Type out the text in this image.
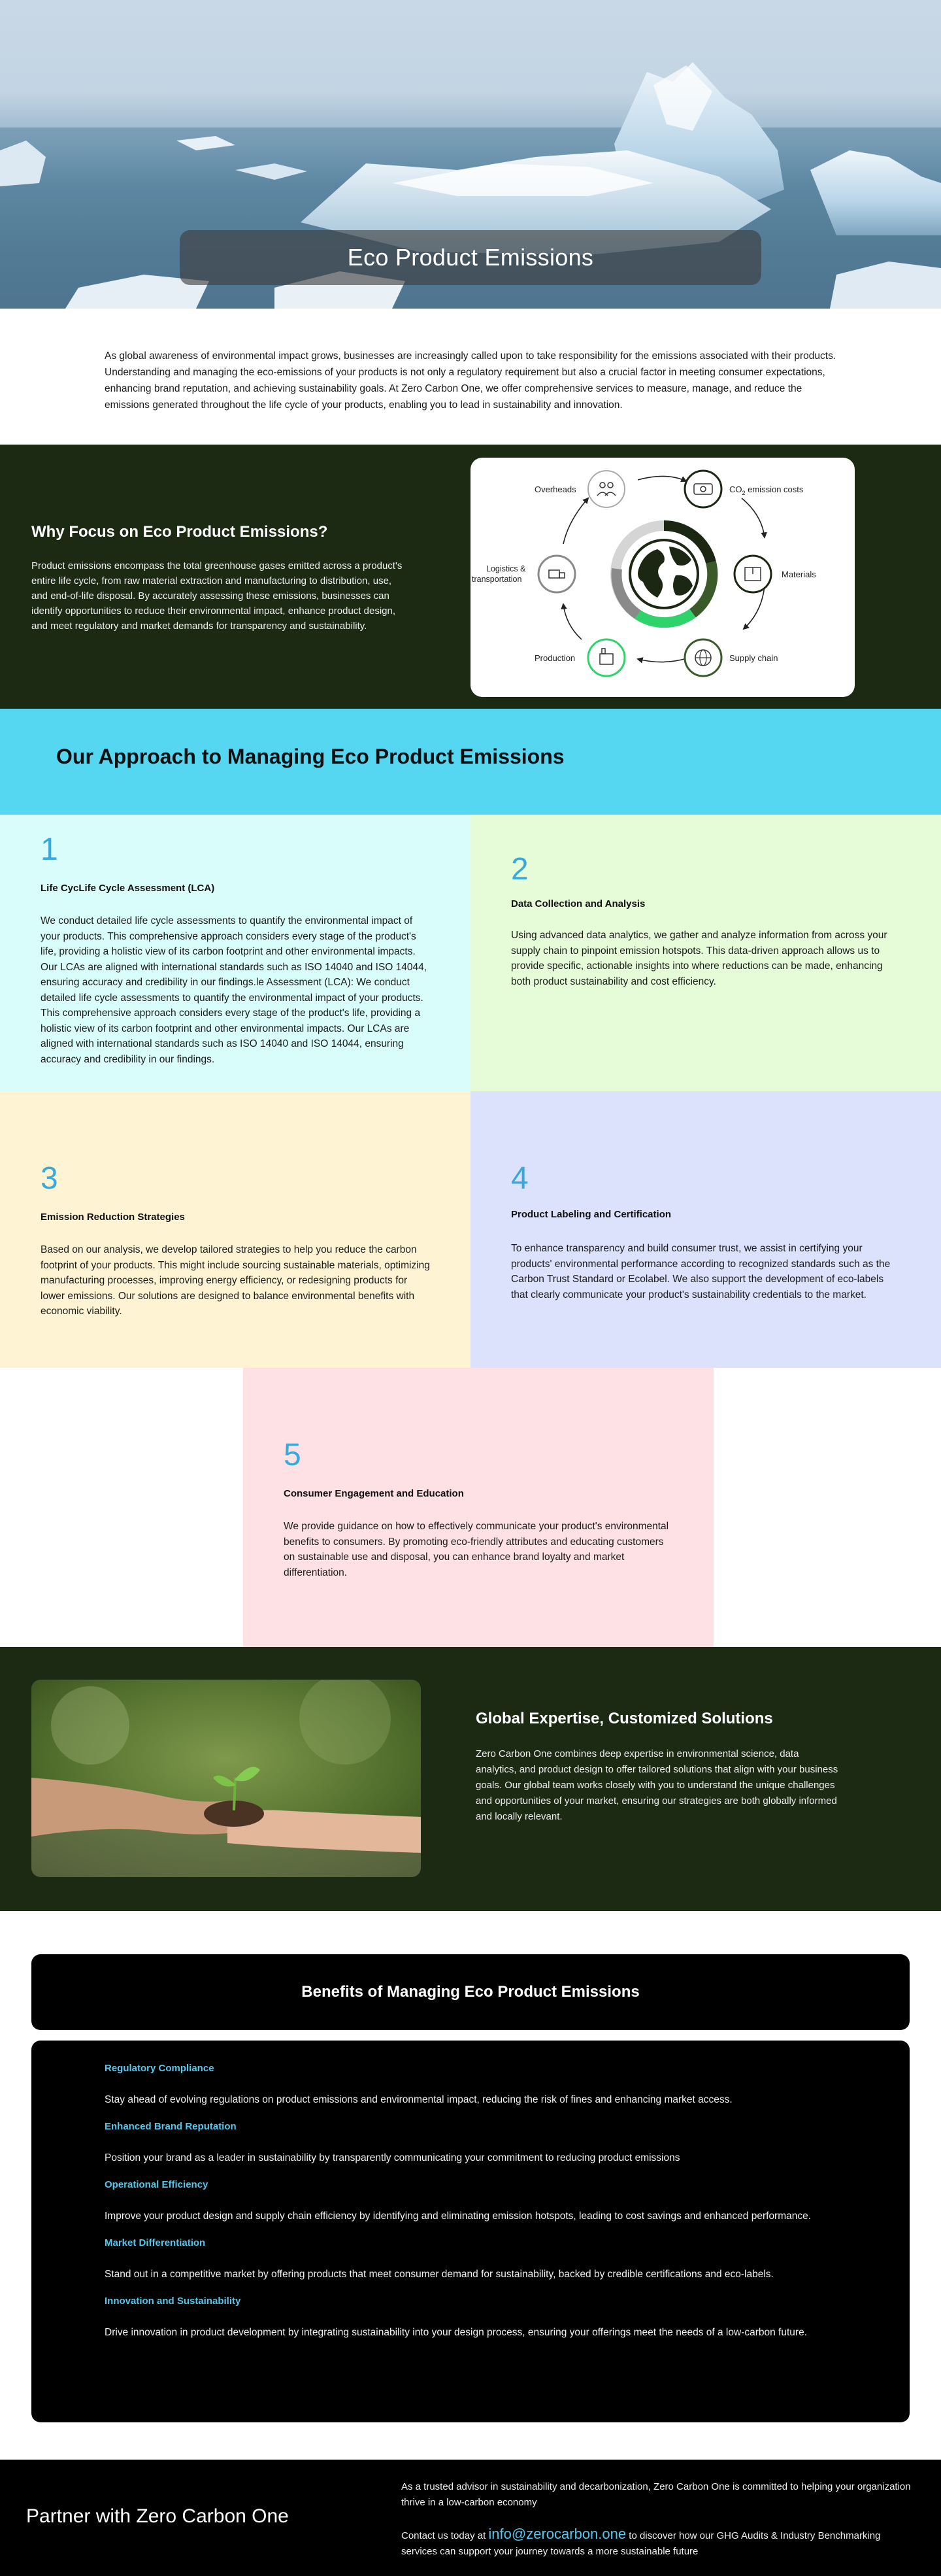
Eco Product Emissions

As global awareness of environmental impact grows, businesses are increasingly called upon to take responsibility for the emissions associated with their products. Understanding and managing the eco-emissions of your products is not only a regulatory requirement but also a crucial factor in meeting consumer expectations, enhancing brand reputation, and achieving sustainability goals. At Zero Carbon One, we offer comprehensive services to measure, manage, and reduce the emissions generated throughout the life cycle of your products, enabling you to lead in sustainability and innovation.

Why Focus on Eco Product Emissions?

Product emissions encompass the total greenhouse gases emitted across a product's entire life cycle, from raw material extraction and manufacturing to distribution, use, and end-of-life disposal. By accurately assessing these emissions, businesses can identify opportunities to reduce their environmental impact, enhance product design, and meet regulatory and market demands for transparency and sustainability.

Overheads	$CO_2$ emission costs
Materials
Supply chain
Production
Logistics &
transportation
Our Approach to Managing Eco Product Emissions
1
Life CycLife Cycle Assessment (LCA)

We conduct detailed life cycle assessments to quantify the environmental impact of your products. This comprehensive approach considers every stage of the product's life, providing a holistic view of its carbon footprint and other environmental impacts. Our LCAs are aligned with international standards such as ISO 14040 and ISO 14044, ensuring accuracy and credibility in our findings.le Assessment (LCA): We conduct detailed life cycle assessments to quantify the environmental impact of your products. This comprehensive approach considers every stage of the product's life, providing a holistic view of its carbon footprint and other environmental impacts. Our LCAs are aligned with international standards such as ISO 14040 and ISO 14044, ensuring accuracy and credibility in our findings.

2
Data Collection and Analysis

Using advanced data analytics, we gather and analyze information from across your supply chain to pinpoint emission hotspots. This data-driven approach allows us to provide specific, actionable insights into where reductions can be made, enhancing both product sustainability and cost efficiency.

3
Emission Reduction Strategies

Based on our analysis, we develop tailored strategies to help you reduce the carbon footprint of your products. This might include sourcing sustainable materials, optimizing manufacturing processes, improving energy efficiency, or redesigning products for lower emissions. Our solutions are designed to balance environmental benefits with economic viability.

4
Product Labeling and Certification

To enhance transparency and build consumer trust, we assist in certifying your products' environmental performance according to recognized standards such as the Carbon Trust Standard or Ecolabel. We also support the development of eco-labels that clearly communicate your product's sustainability credentials to the market.

5
Consumer Engagement and Education

We provide guidance on how to effectively communicate your product's environmental benefits to consumers. By promoting eco-friendly attributes and educating customers on sustainable use and disposal, you can enhance brand loyalty and market differentiation.

Global Expertise, Customized Solutions

Zero Carbon One combines deep expertise in environmental science, data analytics, and product design to offer tailored solutions that align with your business goals. Our global team works closely with you to understand the unique challenges and opportunities of your market, ensuring our strategies are both globally informed and locally relevant.

Benefits of Managing Eco Product Emissions
Regulatory Compliance

Stay ahead of evolving regulations on product emissions and environmental impact, reducing the risk of fines and enhancing market access.

Enhanced Brand Reputation

Position your brand as a leader in sustainability by transparently communicating your commitment to reducing product emissions

Operational Efficiency

Improve your product design and supply chain efficiency by identifying and eliminating emission hotspots, leading to cost savings and enhanced performance.

Market Differentiation

Stand out in a competitive market by offering products that meet consumer demand for sustainability, backed by credible certifications and eco-labels.

Innovation and Sustainability

Drive innovation in product development by integrating sustainability into your design process, ensuring your offerings meet the needs of a low-carbon future.

Partner with Zero Carbon One

As a trusted advisor in sustainability and decarbonization, Zero Carbon One is committed to helping your organization thrive in a low-carbon economy

Contact us today at info@zerocarbon.one to discover how our GHG Audits & Industry Benchmarking services can support your journey towards a more sustainable future
